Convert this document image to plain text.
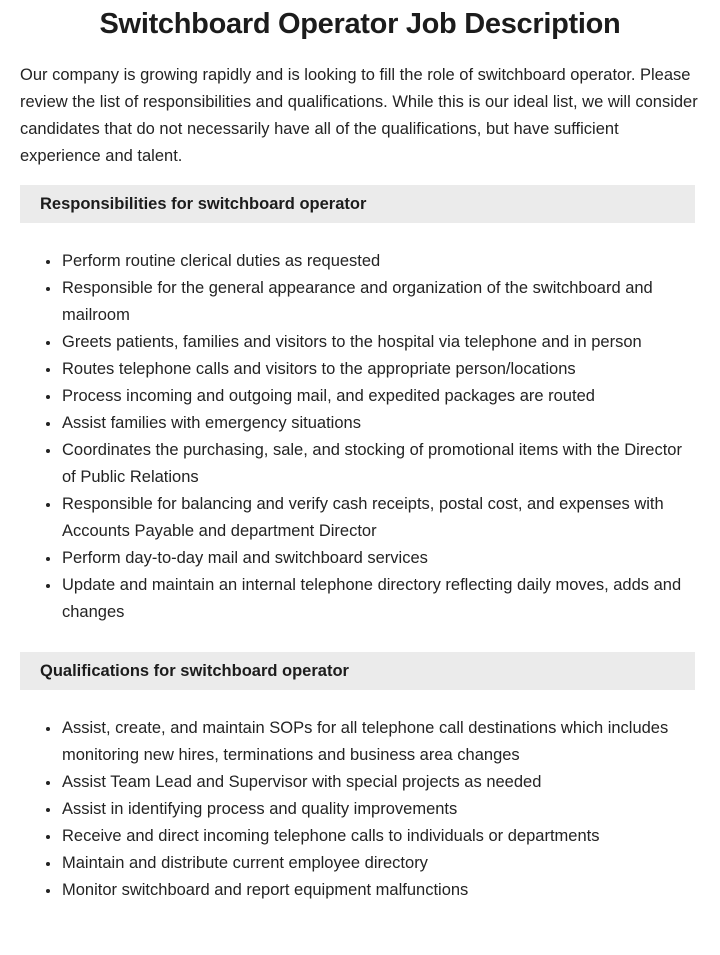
Switchboard Operator Job Description

Our company is growing rapidly and is looking to fill the role of switchboard operator. Please review the list of responsibilities and qualifications. While this is our ideal list, we will consider candidates that do not necessarily have all of the qualifications, but have sufficient experience and talent.

Responsibilities for switchboard operator
• Perform routine clerical duties as requested
• Responsible for the general appearance and organization of the switchboard and mailroom
• Greets patients, families and visitors to the hospital via telephone and in person
• Routes telephone calls and visitors to the appropriate person/locations
• Process incoming and outgoing mail, and expedited packages are routed
• Assist families with emergency situations
• Coordinates the purchasing, sale, and stocking of promotional items with the Director of Public Relations
• Responsible for balancing and verify cash receipts, postal cost, and expenses with Accounts Payable and department Director
• Perform day-to-day mail and switchboard services
• Update and maintain an internal telephone directory reflecting daily moves, adds and changes
Qualifications for switchboard operator
• Assist, create, and maintain SOPs for all telephone call destinations which includes monitoring new hires, terminations and business area changes
• Assist Team Lead and Supervisor with special projects as needed
• Assist in identifying process and quality improvements
• Receive and direct incoming telephone calls to individuals or departments
• Maintain and distribute current employee directory
• Monitor switchboard and report equipment malfunctions
